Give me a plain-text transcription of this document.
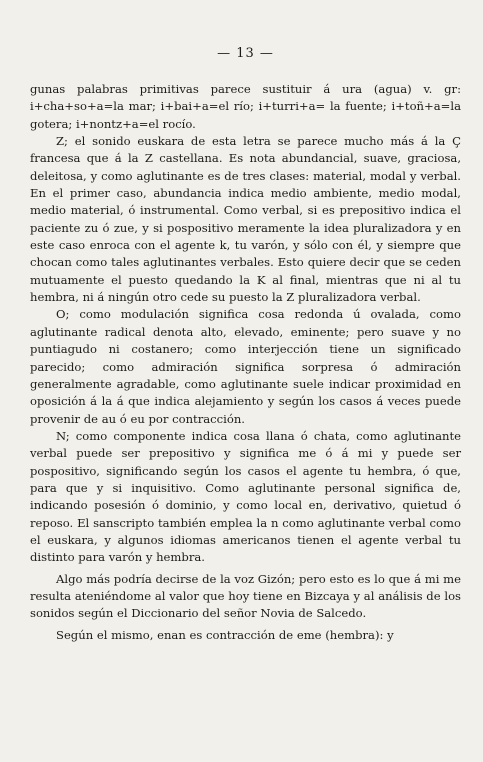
— 13 —

gunas palabras primitivas parece sustituir á ura (agua) v. gr: i+cha+so+a=la mar; i+bai+a=el río; i+turri+a= la fuente; i+toñ+a=la gotera; i+nontz+a=el rocío.

Z; el sonido euskara de esta letra se parece mucho más á la Ç francesa que á la Z castellana. Es nota abundancial, suave, graciosa, deleitosa, y como aglutinante es de tres clases: material, modal y verbal. En el primer caso, abundancia indica medio ambiente, medio modal, medio material, ó instrumental. Como verbal, si es prepositivo indica el paciente zu ó zue, y si pospositivo meramente la idea pluralizadora y en este caso enroca con el agente k, tu varón, y sólo con él, y siempre que chocan como tales aglutinantes verbales. Esto quiere decir que se ceden mutuamente el puesto quedando la K al final, mientras que ni al tu hembra, ni á ningún otro cede su puesto la Z pluralizadora verbal.

O; como modulación significa cosa redonda ú ovalada, como aglutinante radical denota alto, elevado, eminente; pero suave y no puntiagudo ni costanero; como interjección tiene un significado parecido; como admiración significa sorpresa ó admiración generalmente agradable, como aglutinante suele indicar proximidad en oposición á la á que indica alejamiento y según los casos á veces puede provenir de au ó eu por contracción.

N; como componente indica cosa llana ó chata, como aglutinante verbal puede ser prepositivo y significa me ó á mi y puede ser pospositivo, significando según los casos el agente tu hembra, ó que, para que y si inquisitivo. Como aglutinante personal significa de, indicando posesión ó dominio, y como local en, derivativo, quietud ó reposo. El sanscripto también emplea la n como aglutinante verbal como el euskara, y algunos idiomas americanos tienen el agente verbal tu distinto para varón y hembra.

Algo más podría decirse de la voz Gizón; pero esto es lo que á mi me resulta ateniéndome al valor que hoy tiene en Bizcaya y al análisis de los sonidos según el Diccionario del señor Novia de Salcedo.

Según el mismo, enan es contracción de eme (hembra): y
